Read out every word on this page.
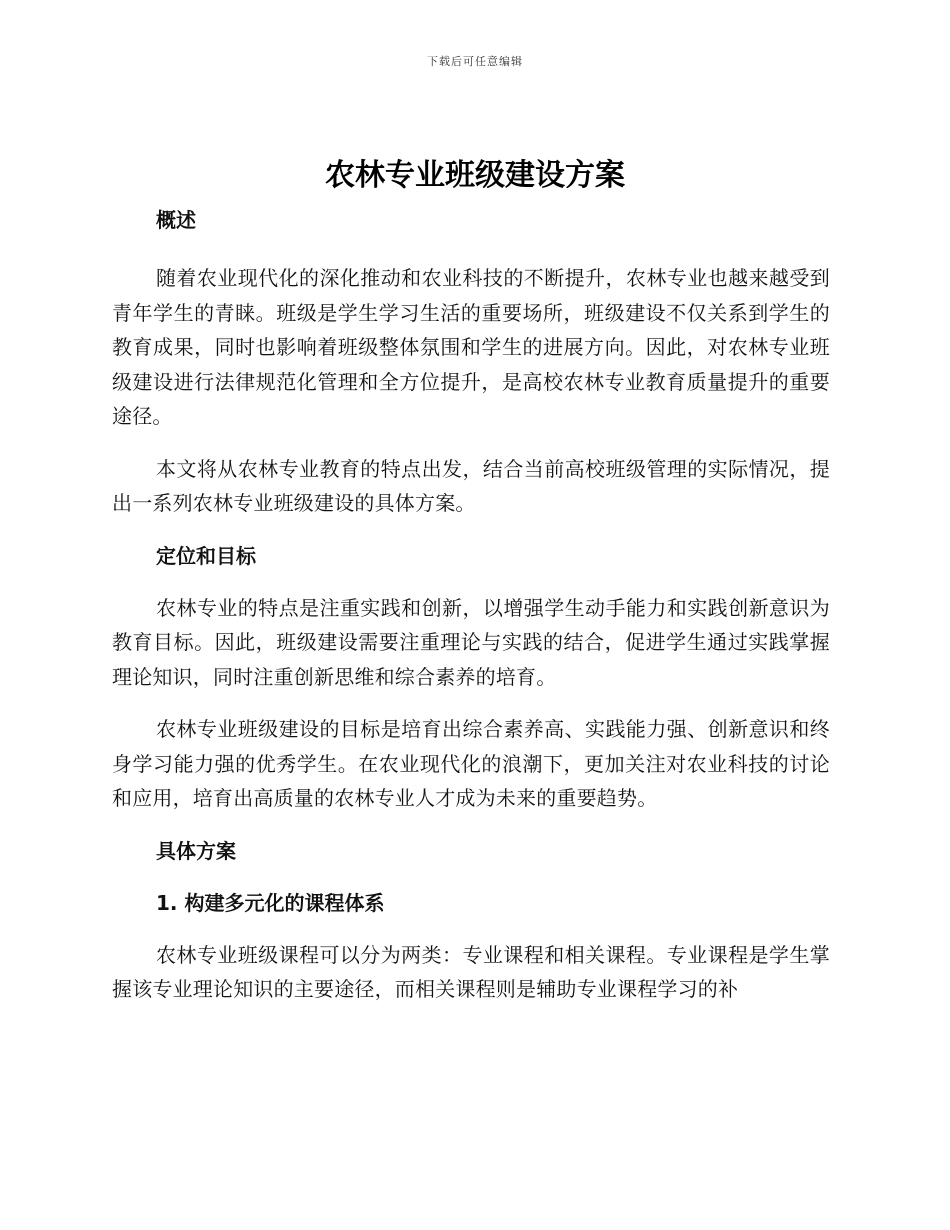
下载后可任意编辑
农林专业班级建设方案

概述

随着农业现代化的深化推动和农业科技的不断提升，农林专业也越来越受到青年学生的青睐。班级是学生学习生活的重要场所，班级建设不仅关系到学生的教育成果，同时也影响着班级整体氛围和学生的进展方向。因此，对农林专业班级建设进行法律规范化管理和全方位提升，是高校农林专业教育质量提升的重要途径。

本文将从农林专业教育的特点出发，结合当前高校班级管理的实际情况，提出一系列农林专业班级建设的具体方案。

定位和目标

农林专业的特点是注重实践和创新，以增强学生动手能力和实践创新意识为教育目标。因此，班级建设需要注重理论与实践的结合，促进学生通过实践掌握理论知识，同时注重创新思维和综合素养的培育。

农林专业班级建设的目标是培育出综合素养高、实践能力强、创新意识和终身学习能力强的优秀学生。在农业现代化的浪潮下，更加关注对农业科技的讨论和应用，培育出高质量的农林专业人才成为未来的重要趋势。

具体方案

1. 构建多元化的课程体系

农林专业班级课程可以分为两类：专业课程和相关课程。专业课程是学生掌握该专业理论知识的主要途径，而相关课程则是辅助专业课程学习的补
